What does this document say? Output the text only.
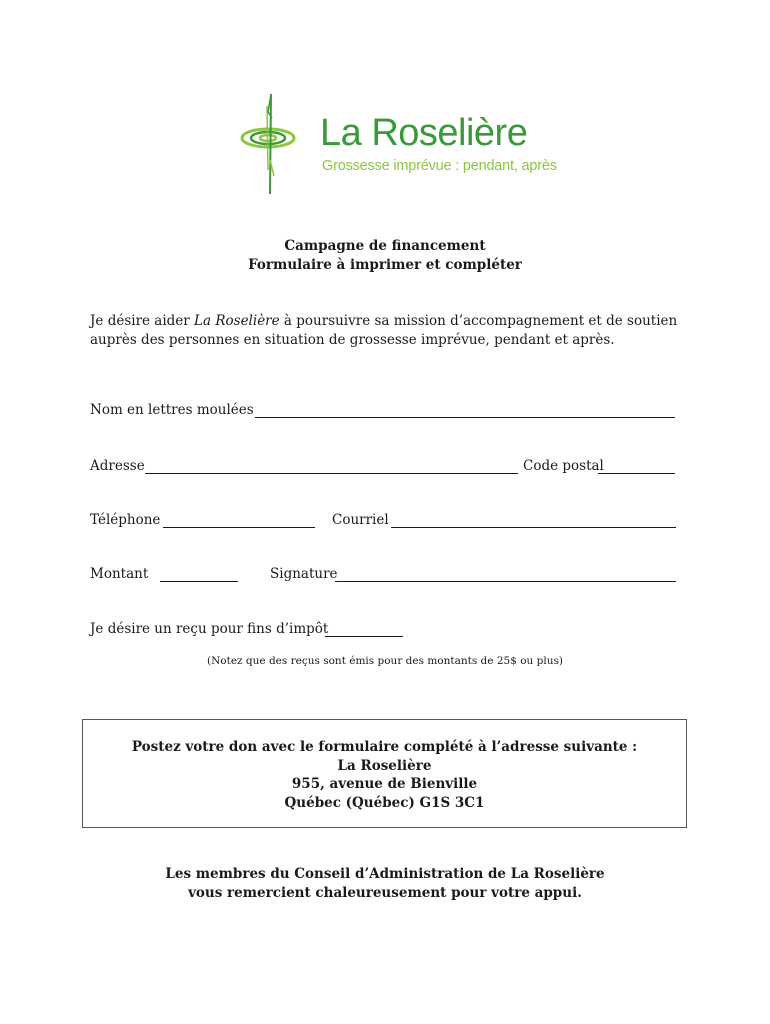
La Roselière
Grossesse imprévue : pendant, après
Campagne de financement
Formulaire à imprimer et compléter
Je désire aider La Roselière à poursuivre sa mission d’accompagnement et de soutien auprès des personnes en situation de grossesse imprévue, pendant et après.
Nom en lettres moulées
Adresse	Code postal
Téléphone	Courriel
Montant	Signature
Je désire un reçu pour fins d’impôt
(Notez que des reçus sont émis pour des montants de 25$ ou plus)
Postez votre don avec le formulaire complété à l’adresse suivante :
La Roselière
955, avenue de Bienville
Québec (Québec) G1S 3C1
Les membres du Conseil d’Administration de La Roselière
vous remercient chaleureusement pour votre appui.
